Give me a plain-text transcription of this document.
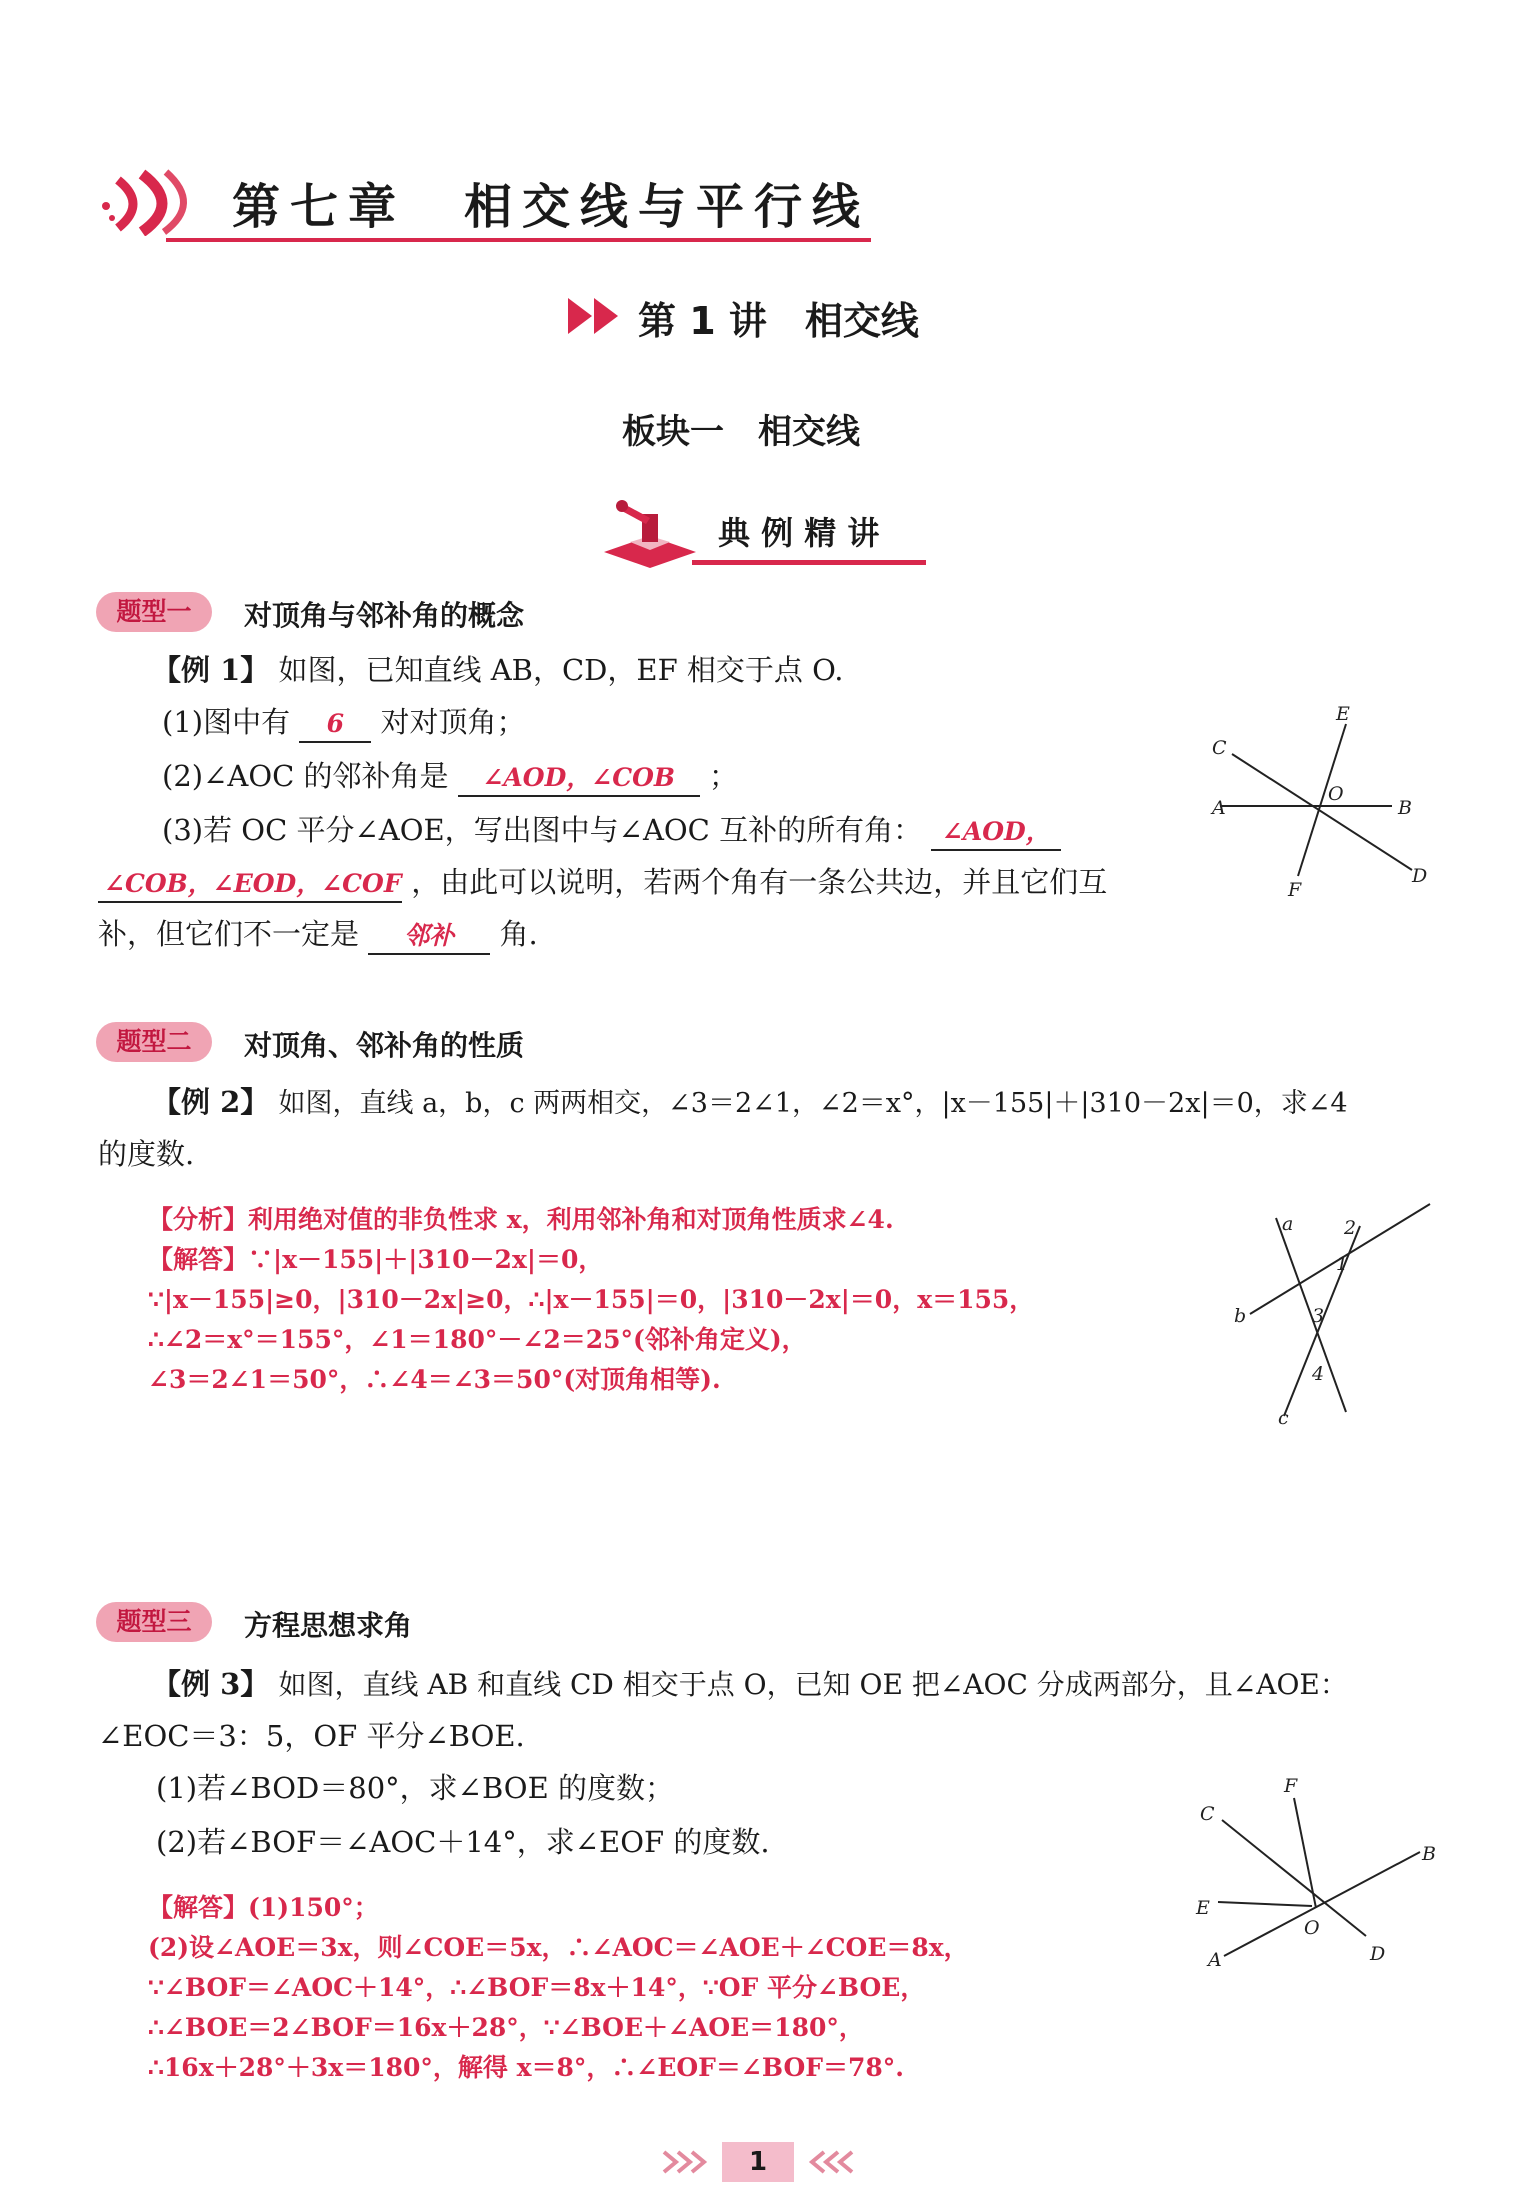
第七章　相交线与平行线
第 1 讲　相交线
板块一　相交线
典 例 精 讲
题型一	对顶角与邻补角的概念
【例 1】 如图，已知直线 AB，CD，EF 相交于点 O.
(1)图中有 6 对对顶角；
(2)∠AOC 的邻补角是 ∠AOD，∠COB ；
(3)若 OC 平分∠AOE，写出图中与∠AOC 互补的所有角： ∠AOD，
∠COB，∠EOD，∠COF ，由此可以说明，若两个角有一条公共边，并且它们互
补，但它们不一定是 邻补 角.
C
A	B
D
E
F
O
题型二	对顶角、邻补角的性质
【例 2】 如图，直线 a，b，c 两两相交，∠3＝2∠1，∠2＝x°，|x－155|＋|310－2x|＝0，求∠4
的度数.
【分析】利用绝对值的非负性求 x，利用邻补角和对顶角性质求∠4.
【解答】∵|x－155|＋|310－2x|＝0，
∵|x－155|≥0，|310－2x|≥0，∴|x－155|＝0，|310－2x|＝0，x＝155，
∴∠2＝x°＝155°，∠1＝180°－∠2＝25°(邻补角定义)，
∠3＝2∠1＝50°，∴∠4＝∠3＝50°(对顶角相等).
a
b
c
1
2
3
4
题型三	方程思想求角
【例 3】 如图，直线 AB 和直线 CD 相交于点 O，已知 OE 把∠AOC 分成两部分，且∠AOE：
∠EOC＝3：5，OF 平分∠BOE.
(1)若∠BOD＝80°，求∠BOE 的度数；
(2)若∠BOF＝∠AOC＋14°，求∠EOF 的度数.
【解答】(1)150°；
(2)设∠AOE＝3x，则∠COE＝5x，∴∠AOC＝∠AOE＋∠COE＝8x，
∵∠BOF＝∠AOC＋14°，∴∠BOF＝8x＋14°，∵OF 平分∠BOE，
∴∠BOE＝2∠BOF＝16x＋28°，∵∠BOE＋∠AOE＝180°，
∴16x＋28°＋3x＝180°，解得 x＝8°，∴∠EOF＝∠BOF＝78°.
C
E
A	D
B
F
O
1
